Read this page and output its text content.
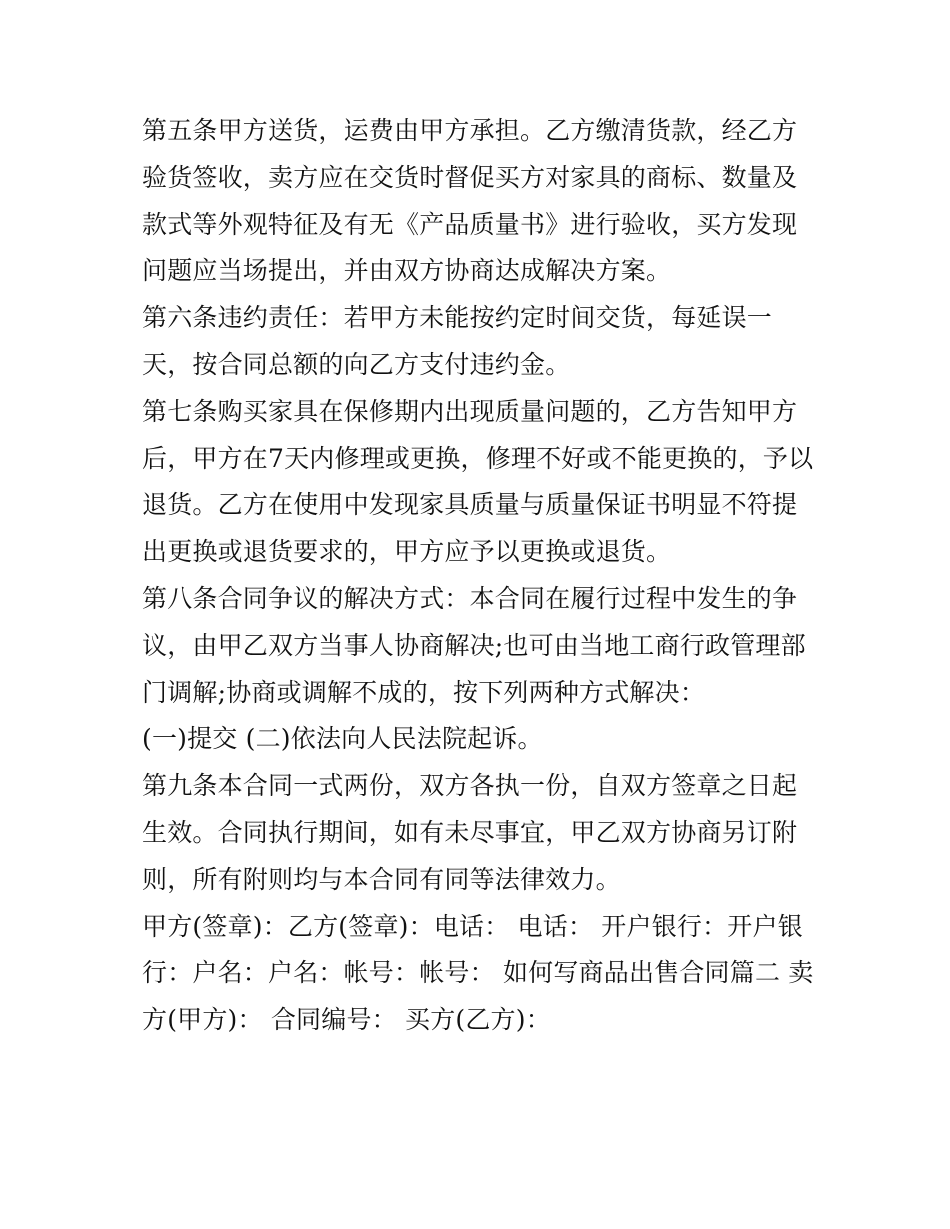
第五条甲方送货，运费由甲方承担。乙方缴清货款，经乙方验货签收，卖方应在交货时督促买方对家具的商标、数量及款式等外观特征及有无《产品质量书》进行验收，买方发现问题应当场提出，并由双方协商达成解决方案。

第六条违约责任：若甲方未能按约定时间交货，每延误一天，按合同总额的向乙方支付违约金。

第七条购买家具在保修期内出现质量问题的，乙方告知甲方后，甲方在7天内修理或更换，修理不好或不能更换的，予以退货。乙方在使用中发现家具质量与质量保证书明显不符提出更换或退货要求的，甲方应予以更换或退货。

第八条合同争议的解决方式：本合同在履行过程中发生的争议，由甲乙双方当事人协商解决;也可由当地工商行政管理部门调解;协商或调解不成的，按下列两种方式解决：

(一)提交 (二)依法向人民法院起诉。

第九条本合同一式两份，双方各执一份，自双方签章之日起生效。合同执行期间，如有未尽事宜，甲乙双方协商另订附则，所有附则均与本合同有同等法律效力。

甲方(签章)：乙方(签章)：电话： 电话： 开户银行：开户银行：户名：户名：帐号：帐号： 如何写商品出售合同篇二 卖方(甲方)： 合同编号： 买方(乙方)：
